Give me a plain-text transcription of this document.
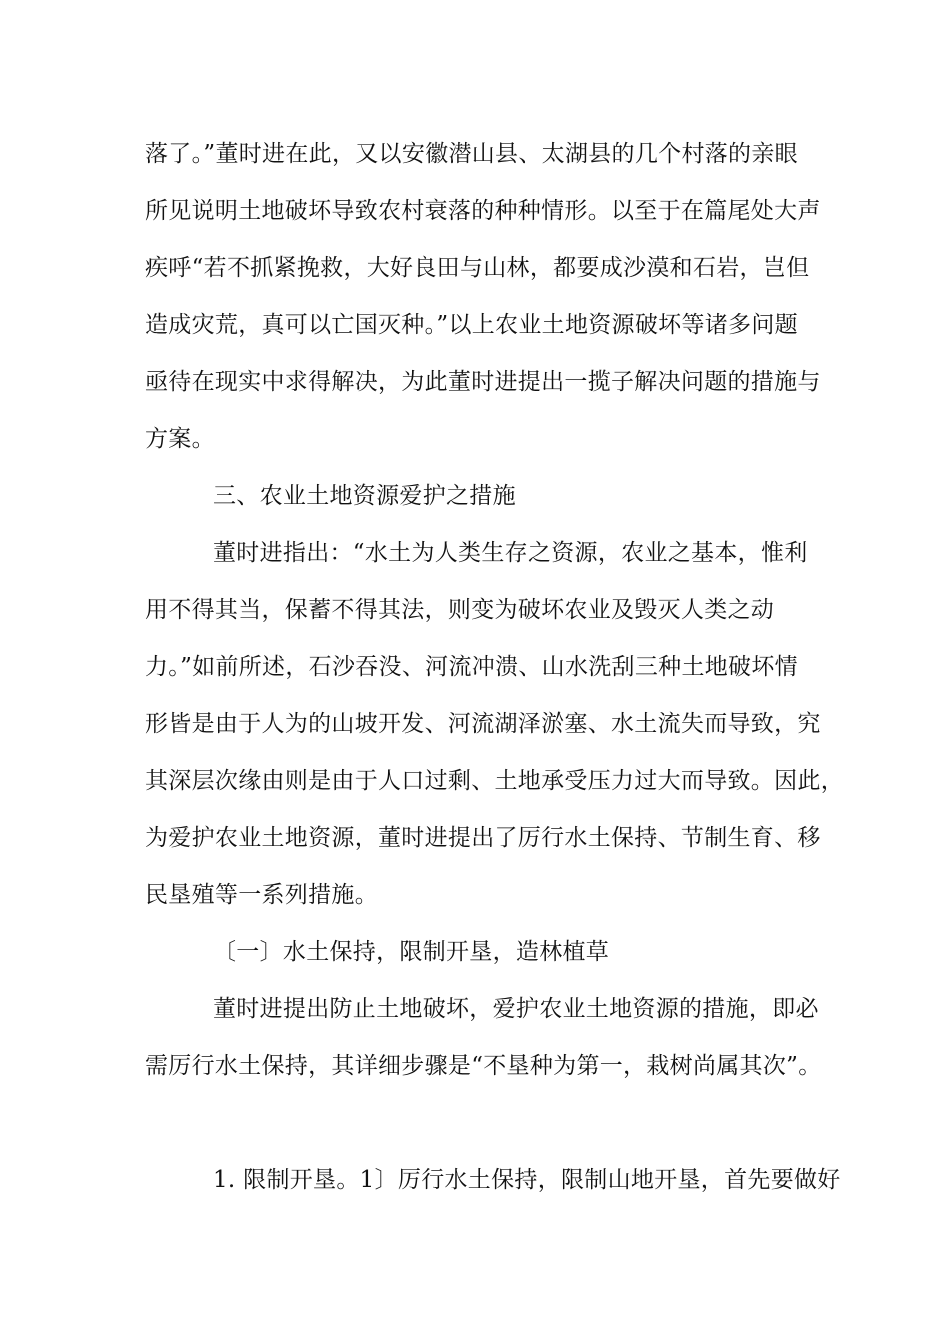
落了。”董时进在此，又以安徽潜山县、太湖县的几个村落的亲眼
所见说明土地破坏导致农村衰落的种种情形。以至于在篇尾处大声
疾呼“若不抓紧挽救，大好良田与山林，都要成沙漠和石岩，岂但
造成灾荒，真可以亡国灭种。”以上农业土地资源破坏等诸多问题
亟待在现实中求得解决，为此董时进提出一揽子解决问题的措施与
方案。
三、农业土地资源爱护之措施
董时进指出：“水土为人类生存之资源，农业之基本，惟利
用不得其当，保蓄不得其法，则变为破坏农业及毁灭人类之动
力。”如前所述，石沙吞没、河流冲溃、山水洗刮三种土地破坏情
形皆是由于人为的山坡开发、河流湖泽淤塞、水土流失而导致，究
其深层次缘由则是由于人口过剩、土地承受压力过大而导致。因此，
为爱护农业土地资源，董时进提出了厉行水土保持、节制生育、移
民垦殖等一系列措施。
〔一〕水土保持，限制开垦，造林植草
董时进提出防止土地破坏，爱护农业土地资源的措施，即必
需厉行水土保持，其详细步骤是“不垦种为第一，栽树尚属其次”。
1. 限制开垦。1〕厉行水土保持，限制山地开垦，首先要做好
